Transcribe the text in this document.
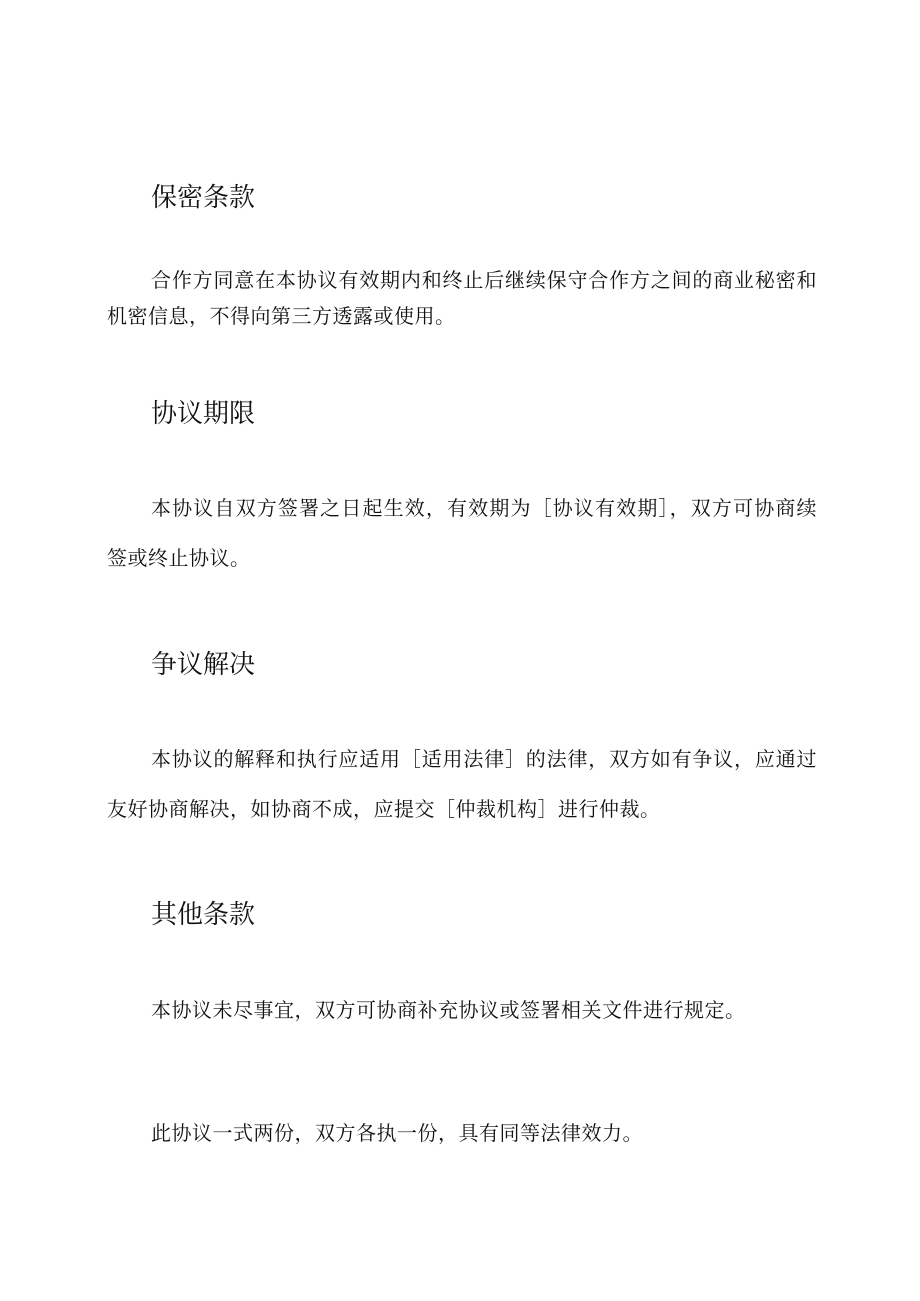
保密条款

合作方同意在本协议有效期内和终止后继续保守合作方之间的商业秘密和机密信息，不得向第三方透露或使用。

协议期限

本协议自双方签署之日起生效，有效期为［协议有效期］，双方可协商续签或终止协议。

争议解决

本协议的解释和执行应适用［适用法律］的法律，双方如有争议，应通过友好协商解决，如协商不成，应提交［仲裁机构］进行仲裁。

其他条款

本协议未尽事宜，双方可协商补充协议或签署相关文件进行规定。

此协议一式两份，双方各执一份，具有同等法律效力。
